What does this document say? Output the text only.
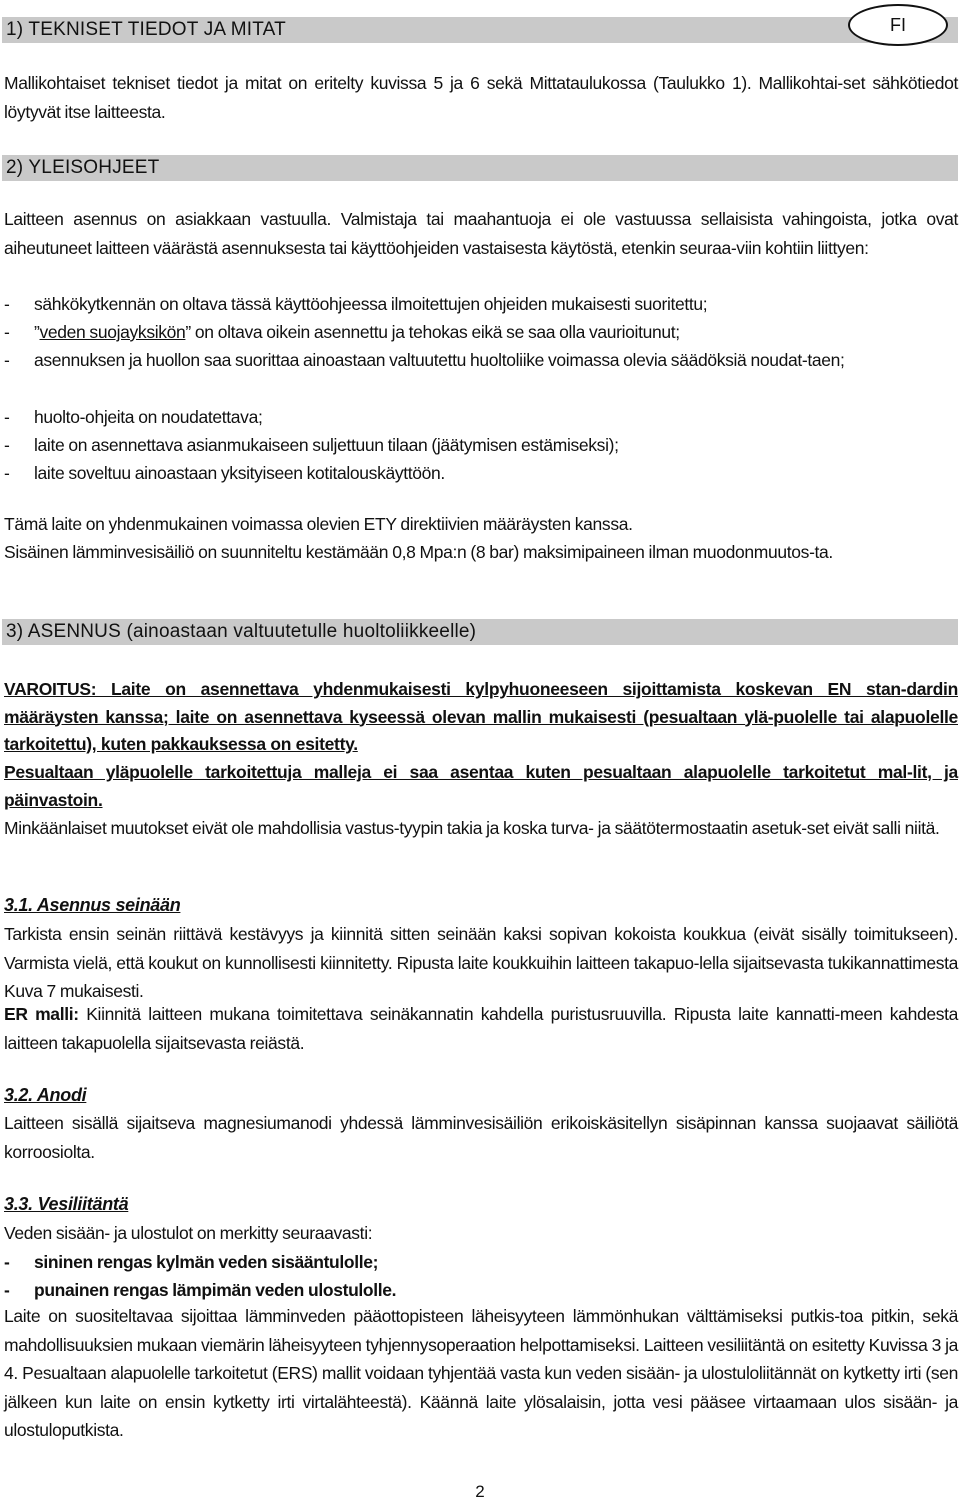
1) TEKNISET TIEDOT JA MITAT	FI
Mallikohtaiset tekniset tiedot ja mitat on eritelty kuvissa 5 ja 6 sekä Mittataulukossa (Taulukko 1). Mallikohtai-set sähkötiedot löytyvät itse laitteesta.
2) YLEISOHJEET
Laitteen asennus on asiakkaan vastuulla. Valmistaja tai maahantuoja ei ole vastuussa sellaisista vahingoista, jotka ovat aiheutuneet laitteen väärästä asennuksesta tai käyttöohjeiden vastaisesta käytöstä, etenkin seuraa-viin kohtiin liittyen:
- sähkökytkennän on oltava tässä käyttöohjeessa ilmoitettujen ohjeiden mukaisesti suoritettu;
- ”veden suojayksikön” on oltava oikein asennettu ja tehokas eikä se saa olla vaurioitunut;
- asennuksen ja huollon saa suorittaa ainoastaan valtuutettu huoltoliike voimassa olevia säädöksiä noudat-taen;
- huolto-ohjeita on noudatettava;
- laite on asennettava asianmukaiseen suljettuun tilaan (jäätymisen estämiseksi);
- laite soveltuu ainoastaan yksityiseen kotitalouskäyttöön.
Tämä laite on yhdenmukainen voimassa olevien ETY direktiivien määräysten kanssa.
Sisäinen lämminvesisäiliö on suunniteltu kestämään 0,8 Mpa:n (8 bar) maksimipaineen ilman muodonmuutos-ta.
3) ASENNUS (ainoastaan valtuutetulle huoltoliikkeelle)
VAROITUS: Laite on asennettava yhdenmukaisesti kylpyhuoneeseen sijoittamista koskevan EN stan-dardin määräysten kanssa; laite on asennettava kyseessä olevan mallin mukaisesti (pesualtaan ylä-puolelle tai alapuolelle tarkoitettu), kuten pakkauksessa on esitetty.
Pesualtaan yläpuolelle tarkoitettuja malleja ei saa asentaa kuten pesualtaan alapuolelle tarkoitetut mal-lit, ja päinvastoin.
Minkäänlaiset muutokset eivät ole mahdollisia vastus-tyypin takia ja koska turva- ja säätötermostaatin asetuk-set eivät salli niitä.
3.1. Asennus seinään
Tarkista ensin seinän riittävä kestävyys ja kiinnitä sitten seinään kaksi sopivan kokoista koukkua (eivät sisälly toimitukseen). Varmista vielä, että koukut on kunnollisesti kiinnitetty. Ripusta laite koukkuihin laitteen takapuo-lella sijaitsevasta tukikannattimesta Kuva 7 mukaisesti.
ER malli: Kiinnitä laitteen mukana toimitettava seinäkannatin kahdella puristusruuvilla. Ripusta laite kannatti-meen kahdesta laitteen takapuolella sijaitsevasta reiästä.
3.2. Anodi
Laitteen sisällä sijaitseva magnesiumanodi yhdessä lämminvesisäiliön erikoiskäsitellyn sisäpinnan kanssa suojaavat säiliötä korroosiolta.
3.3. Vesiliitäntä
Veden sisään- ja ulostulot on merkitty seuraavasti:
- sininen rengas kylmän veden sisääntulolle;
- punainen rengas lämpimän veden ulostulolle.
Laite on suositeltavaa sijoittaa lämminveden pääottopisteen läheisyyteen lämmönhukan välttämiseksi putkis-toa pitkin, sekä mahdollisuuksien mukaan viemärin läheisyyteen tyhjennysoperaation helpottamiseksi. Laitteen vesiliitäntä on esitetty Kuvissa 3 ja 4. Pesualtaan alapuolelle tarkoitetut (ERS) mallit voidaan tyhjentää vasta kun veden sisään- ja ulostuloliitännät on kytketty irti (sen jälkeen kun laite on ensin kytketty irti virtalähteestä). Käännä laite ylösalaisin, jotta vesi pääsee virtaamaan ulos sisään- ja ulostuloputkista.
2
